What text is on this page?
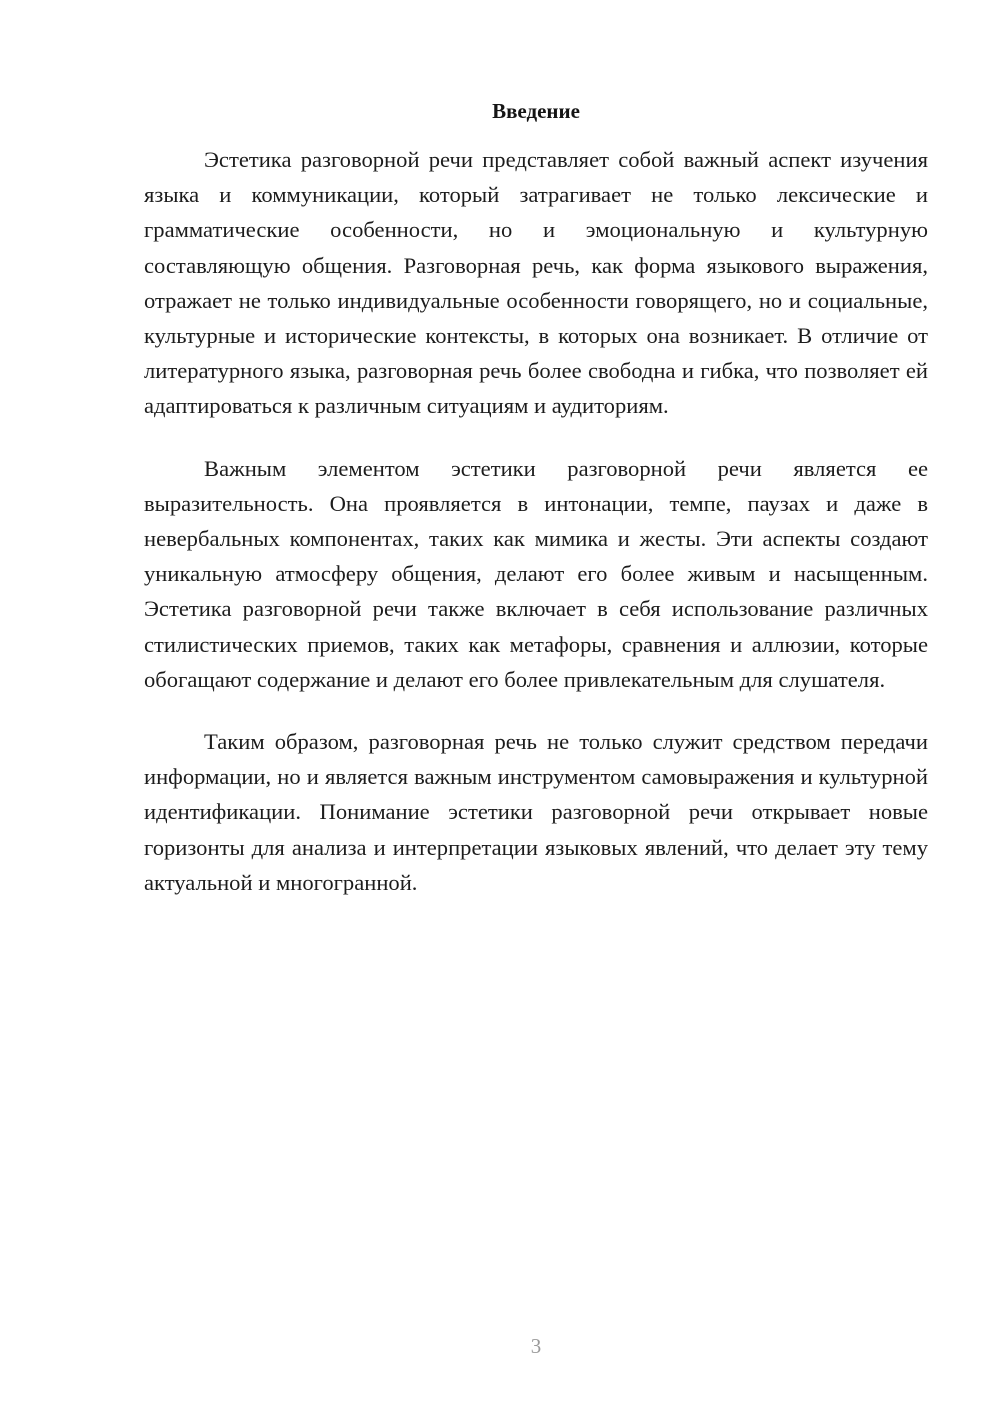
Введение

Эстетика разговорной речи представляет собой важный аспект изучения языка и коммуникации, который затрагивает не только лексические и грамматические особенности, но и эмоциональную и культурную составляющую общения. Разговорная речь, как форма языкового выражения, отражает не только индивидуальные особенности говорящего, но и социальные, культурные и исторические контексты, в которых она возникает. В отличие от литературного языка, разговорная речь более свободна и гибка, что позволяет ей адаптироваться к различным ситуациям и аудиториям.

Важным элементом эстетики разговорной речи является ее выразительность. Она проявляется в интонации, темпе, паузах и даже в невербальных компонентах, таких как мимика и жесты. Эти аспекты создают уникальную атмосферу общения, делают его более живым и насыщенным. Эстетика разговорной речи также включает в себя использование различных стилистических приемов, таких как метафоры, сравнения и аллюзии, которые обогащают содержание и делают его более привлекательным для слушателя.

Таким образом, разговорная речь не только служит средством передачи информации, но и является важным инструментом самовыражения и культурной идентификации. Понимание эстетики разговорной речи открывает новые горизонты для анализа и интерпретации языковых явлений, что делает эту тему актуальной и многогранной.

3
